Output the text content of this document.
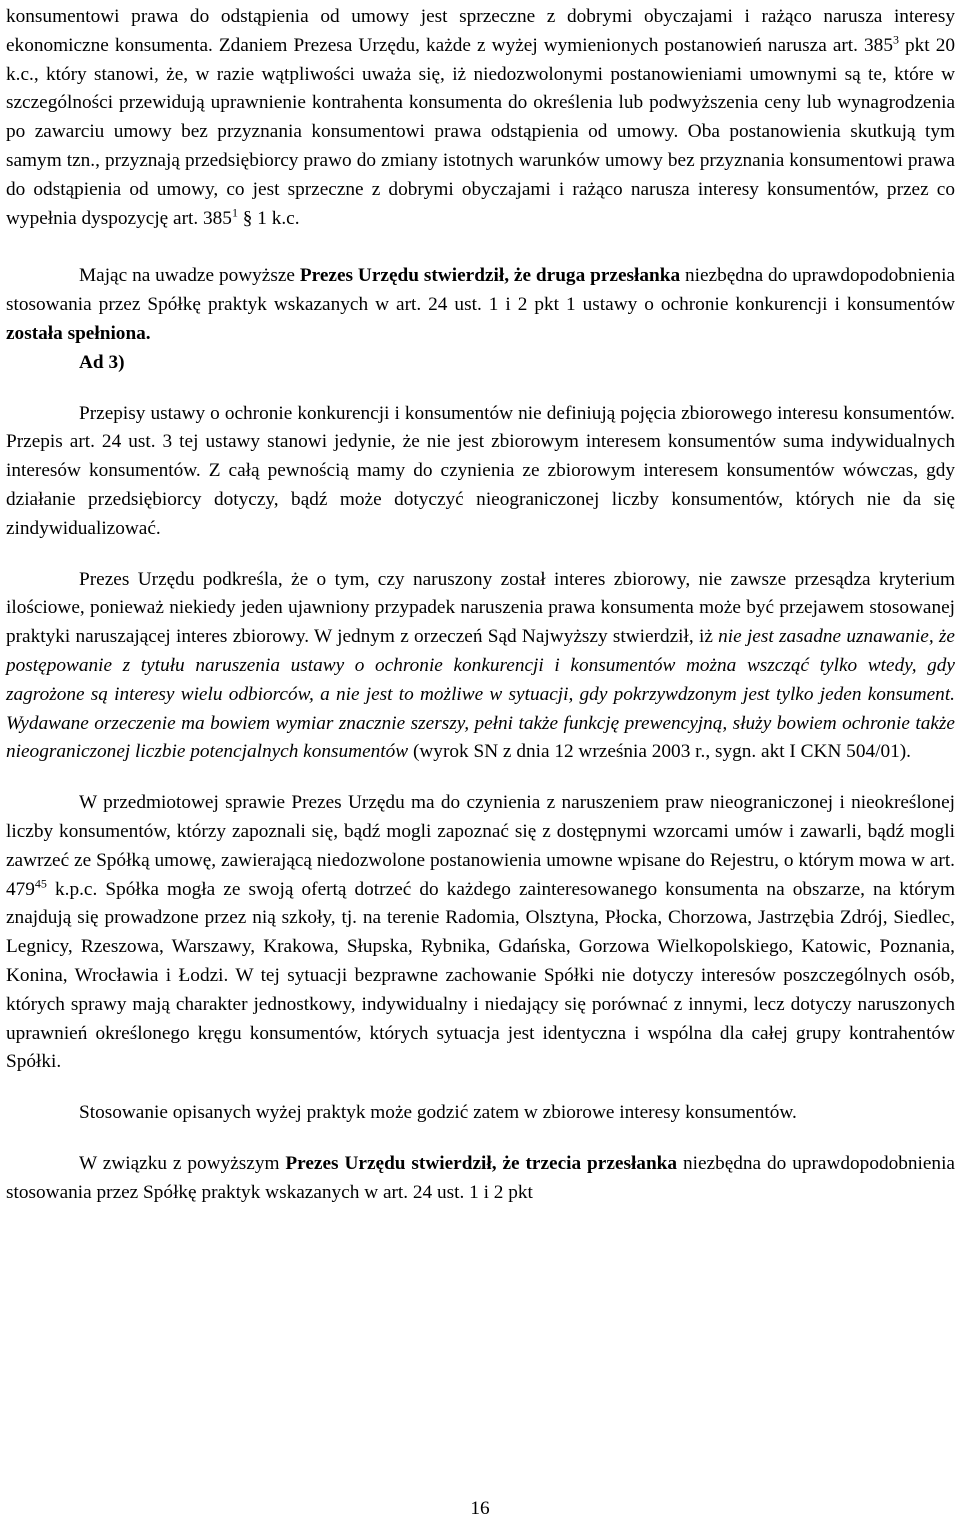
konsumentowi prawa do odstąpienia od umowy jest sprzeczne z dobrymi obyczajami i rażąco narusza interesy ekonomiczne konsumenta. Zdaniem Prezesa Urzędu, każde z wyżej wymienionych postanowień narusza art. $385^3$ pkt 20 k.c., który stanowi, że, w razie wątpliwości uważa się, iż niedozwolonymi postanowieniami umownymi są te, które w szczególności przewidują uprawnienie kontrahenta konsumenta do określenia lub podwyższenia ceny lub wynagrodzenia po zawarciu umowy bez przyznania konsumentowi prawa odstąpienia od umowy. Oba postanowienia skutkują tym samym tzn., przyznają przedsiębiorcy prawo do zmiany istotnych warunków umowy bez przyznania konsumentowi prawa do odstąpienia od umowy, co jest sprzeczne z dobrymi obyczajami i rażąco narusza interesy konsumentów, przez co wypełnia dyspozycję art. $385^1$ § 1 k.c.

Mając na uwadze powyższe Prezes Urzędu stwierdził, że druga przesłanka niezbędna do uprawdopodobnienia stosowania przez Spółkę praktyk wskazanych w art. 24 ust. 1 i 2 pkt 1 ustawy o ochronie konkurencji i konsumentów została spełniona.

Ad 3)

Przepisy ustawy o ochronie konkurencji i konsumentów nie definiują pojęcia zbiorowego interesu konsumentów. Przepis art. 24 ust. 3 tej ustawy stanowi jedynie, że nie jest zbiorowym interesem konsumentów suma indywidualnych interesów konsumentów. Z całą pewnością mamy do czynienia ze zbiorowym interesem konsumentów wówczas, gdy działanie przedsiębiorcy dotyczy, bądź może dotyczyć nieograniczonej liczby konsumentów, których nie da się zindywidualizować.

Prezes Urzędu podkreśla, że o tym, czy naruszony został interes zbiorowy, nie zawsze przesądza kryterium ilościowe, ponieważ niekiedy jeden ujawniony przypadek naruszenia prawa konsumenta może być przejawem stosowanej praktyki naruszającej interes zbiorowy. W jednym z orzeczeń Sąd Najwyższy stwierdził, iż nie jest zasadne uznawanie, że postępowanie z tytułu naruszenia ustawy o ochronie konkurencji i konsumentów można wszcząć tylko wtedy, gdy zagrożone są interesy wielu odbiorców, a nie jest to możliwe w sytuacji, gdy pokrzywdzonym jest tylko jeden konsument. Wydawane orzeczenie ma bowiem wymiar znacznie szerszy, pełni także funkcję prewencyjną, służy bowiem ochronie także nieograniczonej liczbie potencjalnych konsumentów (wyrok SN z dnia 12 września 2003 r., sygn. akt I CKN 504/01).

W przedmiotowej sprawie Prezes Urzędu ma do czynienia z naruszeniem praw nieograniczonej i nieokreślonej liczby konsumentów, którzy zapoznali się, bądź mogli zapoznać się z dostępnymi wzorcami umów i zawarli, bądź mogli zawrzeć ze Spółką umowę, zawierającą niedozwolone postanowienia umowne wpisane do Rejestru, o którym mowa w art. $479^{45}$ k.p.c. Spółka mogła ze swoją ofertą dotrzeć do każdego zainteresowanego konsumenta na obszarze, na którym znajdują się prowadzone przez nią szkoły, tj. na terenie Radomia, Olsztyna, Płocka, Chorzowa, Jastrzębia Zdrój, Siedlec, Legnicy, Rzeszowa, Warszawy, Krakowa, Słupska, Rybnika, Gdańska, Gorzowa Wielkopolskiego, Katowic, Poznania, Konina, Wrocławia i Łodzi. W tej sytuacji bezprawne zachowanie Spółki nie dotyczy interesów poszczególnych osób, których sprawy mają charakter jednostkowy, indywidualny i niedający się porównać z innymi, lecz dotyczy naruszonych uprawnień określonego kręgu konsumentów, których sytuacja jest identyczna i wspólna dla całej grupy kontrahentów Spółki.

Stosowanie opisanych wyżej praktyk może godzić zatem w zbiorowe interesy konsumentów.

W związku z powyższym Prezes Urzędu stwierdził, że trzecia przesłanka niezbędna do uprawdopodobnienia stosowania przez Spółkę praktyk wskazanych w art. 24 ust. 1 i 2 pkt

16
